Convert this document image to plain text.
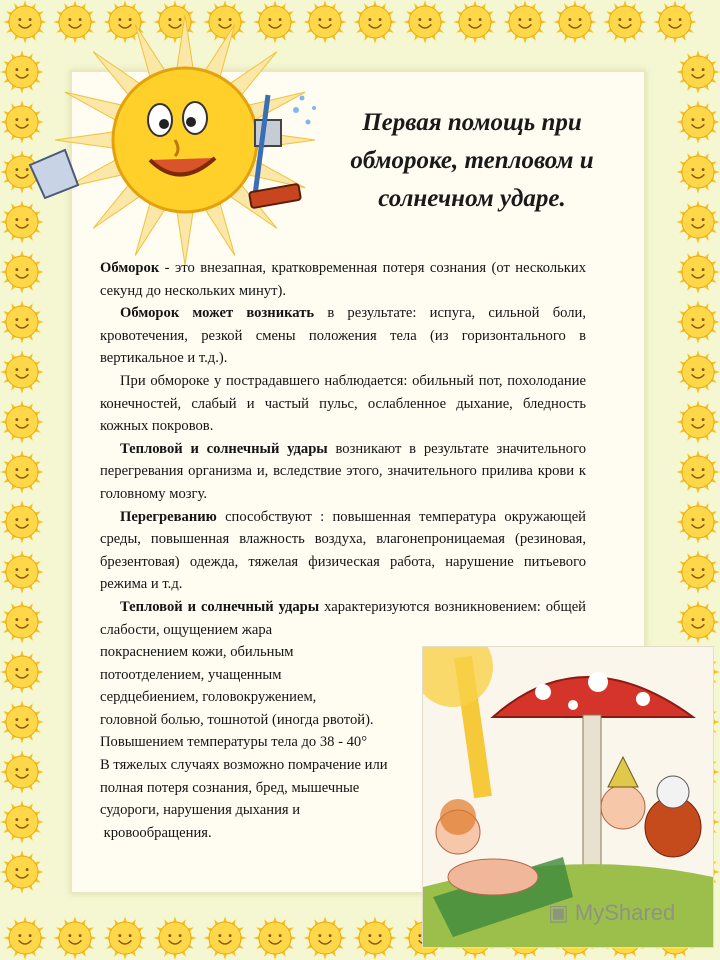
Первая помощь при обмороке, тепловом и солнечном ударе.

Обморок - это внезапная, кратковременная потеря сознания (от нескольких секунд до нескольких минут).

Обморок может возникать в результате: испуга, сильной боли, кровотечения, резкой смены положения тела (из горизонтального в вертикальное и т.д.).

При обмороке у пострадавшего наблюдается: обильный пот, похолодание конечностей, слабый и частый пульс, ослабленное дыхание, бледность кожных покровов.

Тепловой и солнечный удары возникают в результате значительного перегревания организма и, вследствие этого, значительного прилива крови к головному мозгу.

Перегреванию способствуют : повышенная температура окружающей среды, повышенная влажность воздуха, влагонепроницаемая (резиновая, брезентовая) одежда, тяжелая физическая работа, нарушение питьевого режима и т.д.

Тепловой и солнечный удары характеризуются возникновением: общей слабости, ощущением жара

покраснением кожи, обильным
потоотделением, учащенным
сердцебиением, головокружением,
головной болью, тошнотой (иногда рвотой).
Повышением температуры тела до 38 - 40°
В тяжелых случаях возможно помрачение или
полная потеря сознания, бред, мышечные
судороги, нарушения дыхания и
кровообращения.
▣ MyShared
